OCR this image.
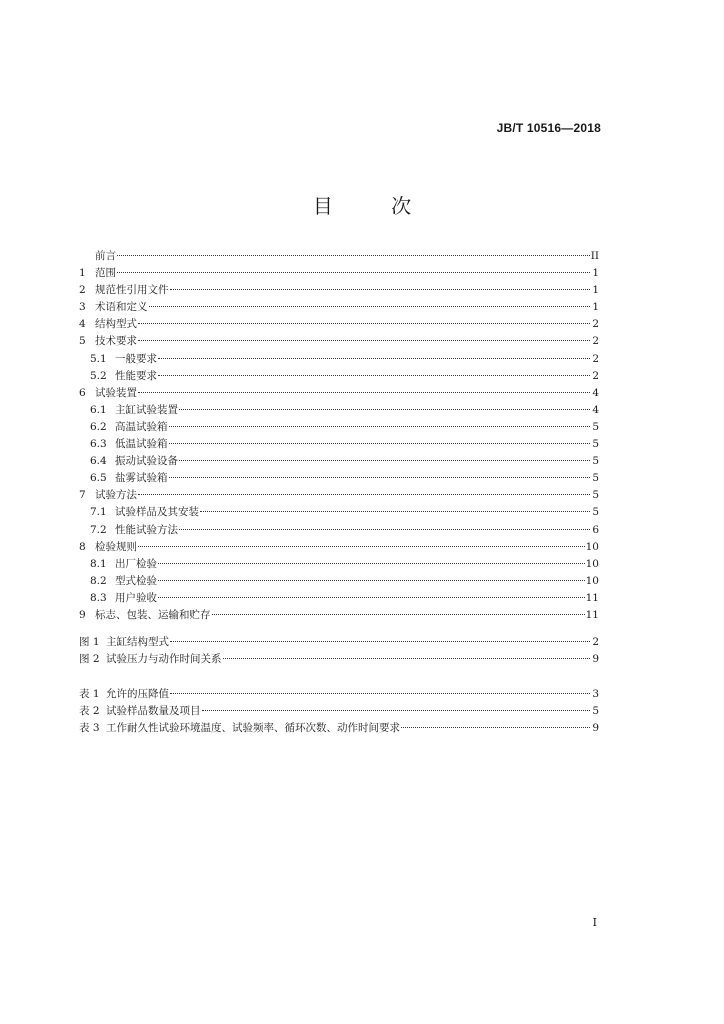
JB/T 10516—2018
目 次
前言	II
1 范围	1
2 规范性引用文件	1
3 术语和定义	1
4 结构型式	2
5 技术要求	2
5.1 一般要求	2
5.2 性能要求	2
6 试验装置	4
6.1 主缸试验装置	4
6.2 高温试验箱	5
6.3 低温试验箱	5
6.4 振动试验设备	5
6.5 盐雾试验箱	5
7 试验方法	5
7.1 试验样品及其安装	5
7.2 性能试验方法	6
8 检验规则	10
8.1 出厂检验	10
8.2 型式检验	10
8.3 用户验收	11
9 标志、包装、运输和贮存	11
图 1 主缸结构型式	2
图 2 试验压力与动作时间关系	9
表 1 允许的压降值	3
表 2 试验样品数量及项目	5
表 3 工作耐久性试验环境温度、试验频率、循环次数、动作时间要求	9
I
